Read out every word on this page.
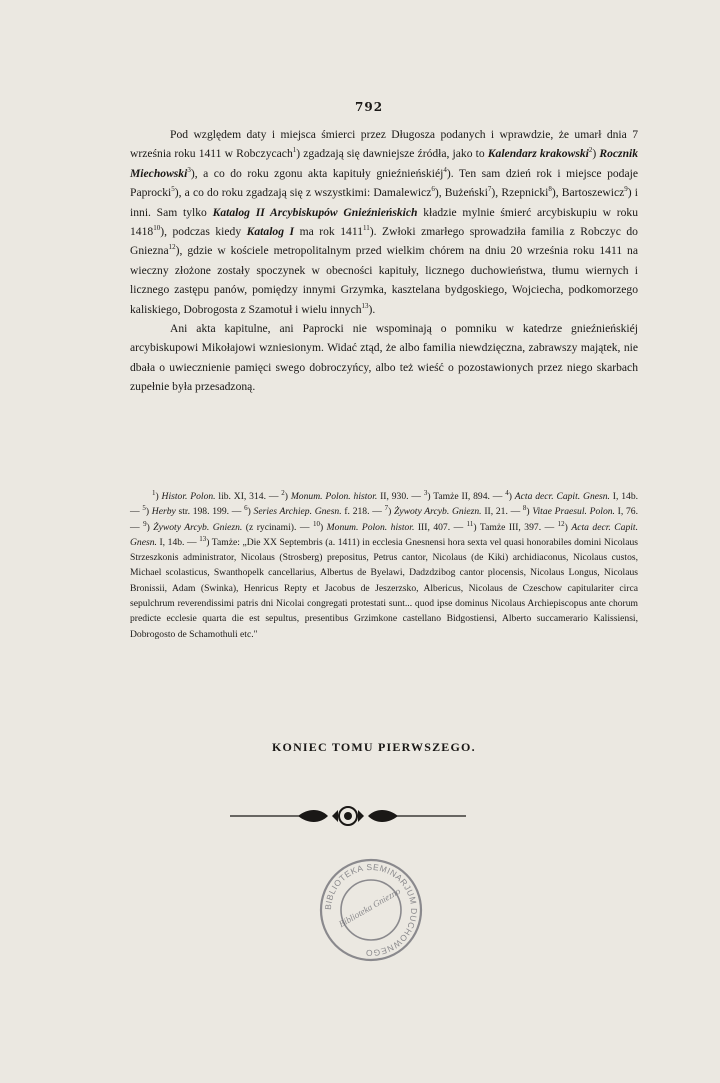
792

Pod względem daty i miejsca śmierci przez Długosza podanych i wprawdzie, że umarł dnia 7 września roku 1411 w Robczycach$^1$) zgadzają się dawniejsze źródła, jako to Kalendarz krakowski$^2$) Rocznik Miechowski$^3$), a co do roku zgonu akta kapituły gnieźnieńskiéj$^4$). Ten sam dzień rok i miejsce podaje Paprocki$^5$), a co do roku zgadzają się z wszystkimi: Damalewicz$^6$), Bużeński$^7$), Rzepnicki$^8$), Bartoszewicz$^9$) i inni. Sam tylko Katalog II Arcybiskupów Gnieźnieńskich kładzie mylnie śmierć arcybiskupiu w roku 1418$^{10}$), podczas kiedy Katalog I ma rok 1411$^{11}$). Zwłoki zmarłego sprowadziła familia z Robczyc do Gniezna$^{12}$), gdzie w kościele metropolitalnym przed wielkim chórem na dniu 20 września roku 1411 na wieczny złożone zostały spoczynek w obecności kapituły, licznego duchowieństwa, tłumu wiernych i licznego zastępu panów, pomiędzy innymi Grzymka, kasztelana bydgoskiego, Wojciecha, podkomorzego kaliskiego, Dobrogosta z Szamotuł i wielu innych$^{13}$).

Ani akta kapitulne, ani Paprocki nie wspominają o pomniku w katedrze gnieźnieńskiéj arcybiskupowi Mikołajowi wzniesionym. Widać ztąd, że albo familia niewdzięczna, zabrawszy majątek, nie dbała o uwiecznienie pamięci swego dobroczyńcy, albo też wieść o pozostawionych przez niego skarbach zupełnie była przesadzoną.

$^1$) Histor. Polon. lib. XI, 314. — $^2$) Monum. Polon. histor. II, 930. — $^3$) Tamże II, 894. — $^4$) Acta decr. Capit. Gnesn. I, 14b. — $^5$) Herby str. 198. 199. — $^6$) Series Archiep. Gnesn. f. 218. — $^7$) Żywoty Arcyb. Gniezn. II, 21. — $^8$) Vitae Praesul. Polon. I, 76. — $^9$) Żywoty Arcyb. Gniezn. (z rycinami). — $^{10}$) Monum. Polon. histor. III, 407. — $^{11}$) Tamże III, 397. — $^{12}$) Acta decr. Capit. Gnesn. I, 14b. — $^{13}$) Tamże: „Die XX Septembris (a. 1411) in ecclesia Gnesnensi hora sexta vel quasi honorabiles domini Nicolaus Strzeszkonis administrator, Nicolaus (Strosberg) prepositus, Petrus cantor, Nicolaus (de Kiki) archidiaconus, Nicolaus custos, Michael scolasticus, Swanthopelk cancellarius, Albertus de Byelawi, Dadzdzibog cantor plocensis, Nicolaus Longus, Nicolaus Bronissii, Adam (Swinka), Henricus Repty et Jacobus de Jeszerzsko, Albericus, Nicolaus de Czeschow capitulariter circa sepulchrum reverendissimi patris dni Nicolai congregati protestati sunt... quod ipse dominus Nicolaus Archiepiscopus ante chorum predicte ecclesie quarta die est sepultus, presentibus Grzimkone castellano Bidgostiensi, Alberto succamerario Kalissiensi, Dobrogosto de Schamothuli etc."

KONIEC TOMU PIERWSZEGO.
BIBLIOTEKA SEMINARJUM DUCHOWNEGO
Biblioteka Gniezno
